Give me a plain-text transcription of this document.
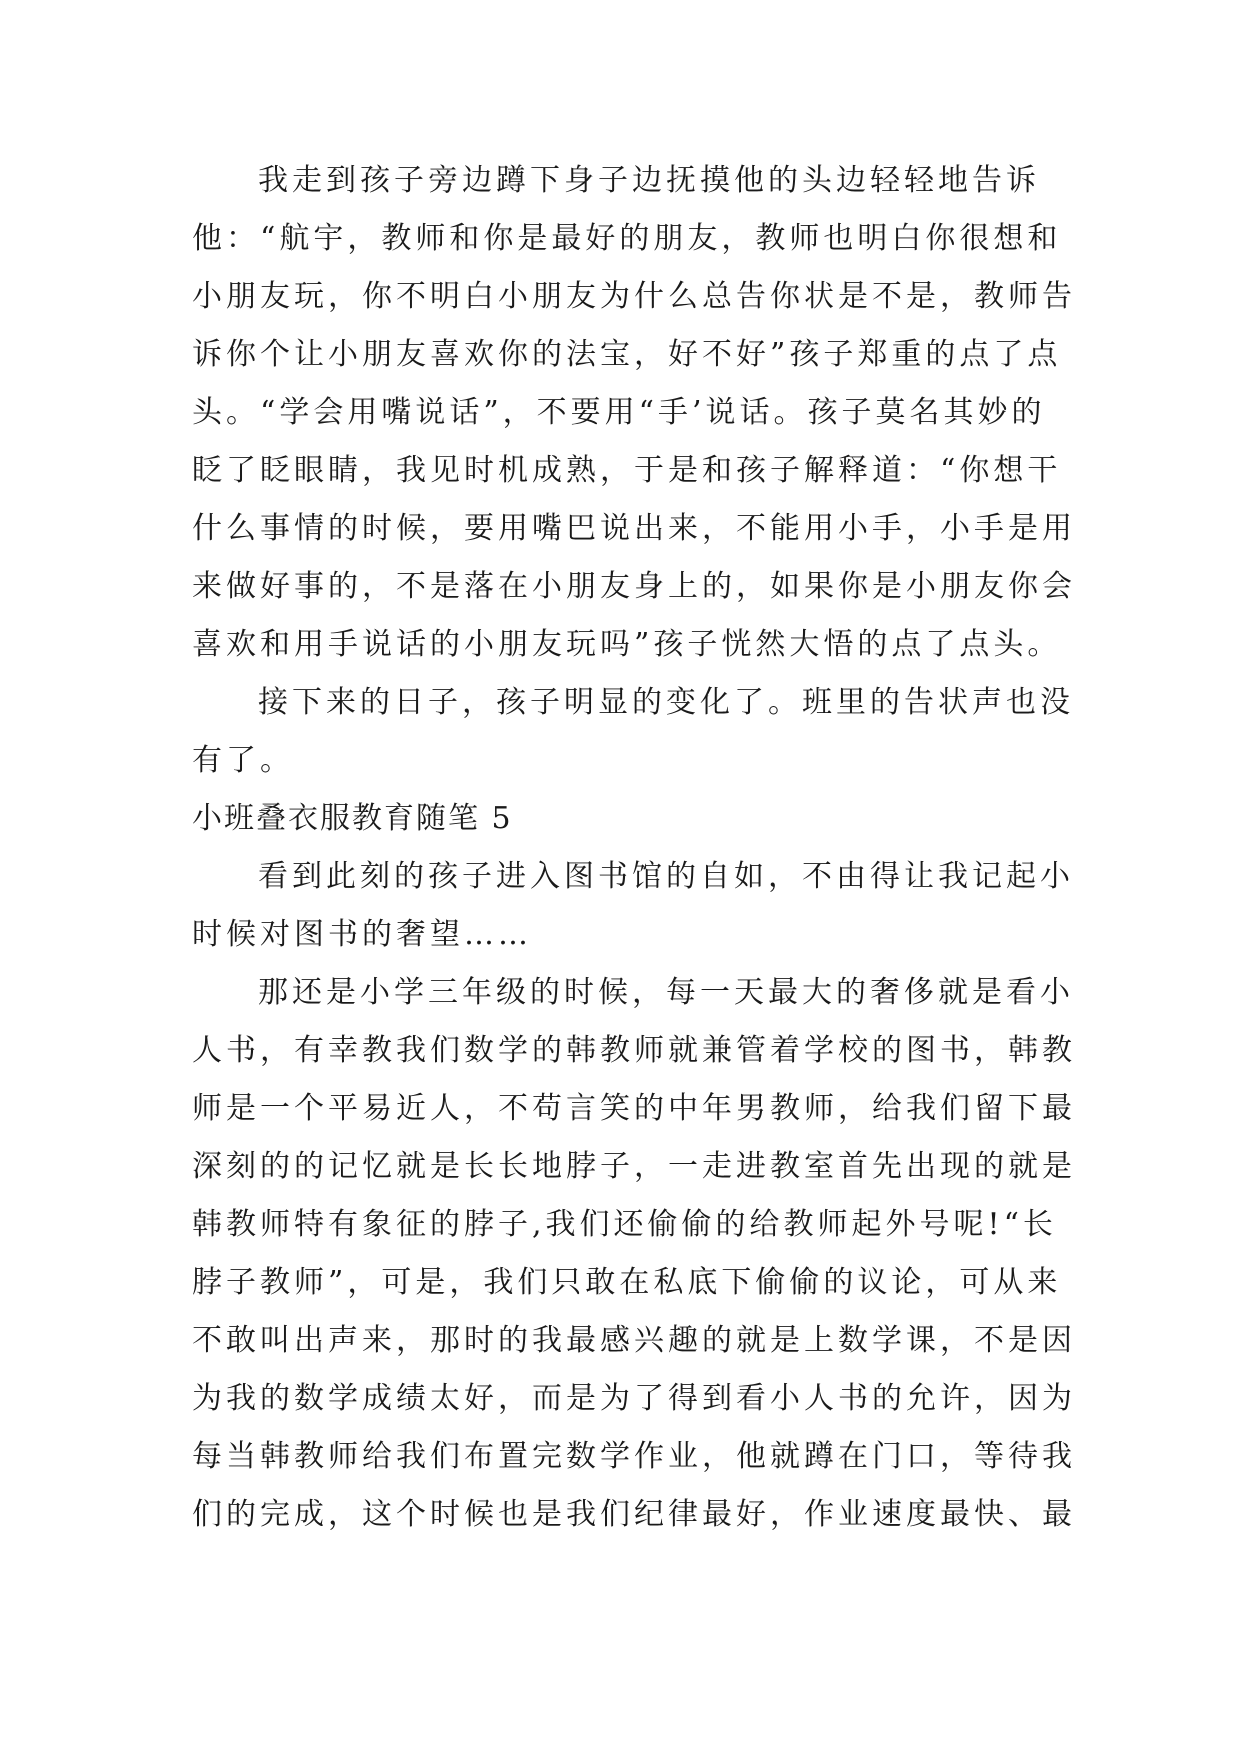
我走到孩子旁边蹲下身子边抚摸他的头边轻轻地告诉
他：“航宇，教师和你是最好的朋友，教师也明白你很想和
小朋友玩，你不明白小朋友为什么总告你状是不是，教师告
诉你个让小朋友喜欢你的法宝，好不好”孩子郑重的点了点
头。“学会用嘴说话”，不要用“手’说话。孩子莫名其妙的
眨了眨眼睛，我见时机成熟，于是和孩子解释道：“你想干
什么事情的时候，要用嘴巴说出来，不能用小手，小手是用
来做好事的，不是落在小朋友身上的，如果你是小朋友你会
喜欢和用手说话的小朋友玩吗”孩子恍然大悟的点了点头。
接下来的日子，孩子明显的变化了。班里的告状声也没
有了。
小班叠衣服教育随笔 5
看到此刻的孩子进入图书馆的自如，不由得让我记起小
时候对图书的奢望……
那还是小学三年级的时候，每一天最大的奢侈就是看小
人书，有幸教我们数学的韩教师就兼管着学校的图书，韩教
师是一个平易近人，不苟言笑的中年男教师，给我们留下最
深刻的的记忆就是长长地脖子，一走进教室首先出现的就是
韩教师特有象征的脖子,我们还偷偷的给教师起外号呢!“长
脖子教师”，可是，我们只敢在私底下偷偷的议论，可从来
不敢叫出声来，那时的我最感兴趣的就是上数学课，不是因
为我的数学成绩太好，而是为了得到看小人书的允许，因为
每当韩教师给我们布置完数学作业，他就蹲在门口，等待我
们的完成，这个时候也是我们纪律最好，作业速度最快、最
